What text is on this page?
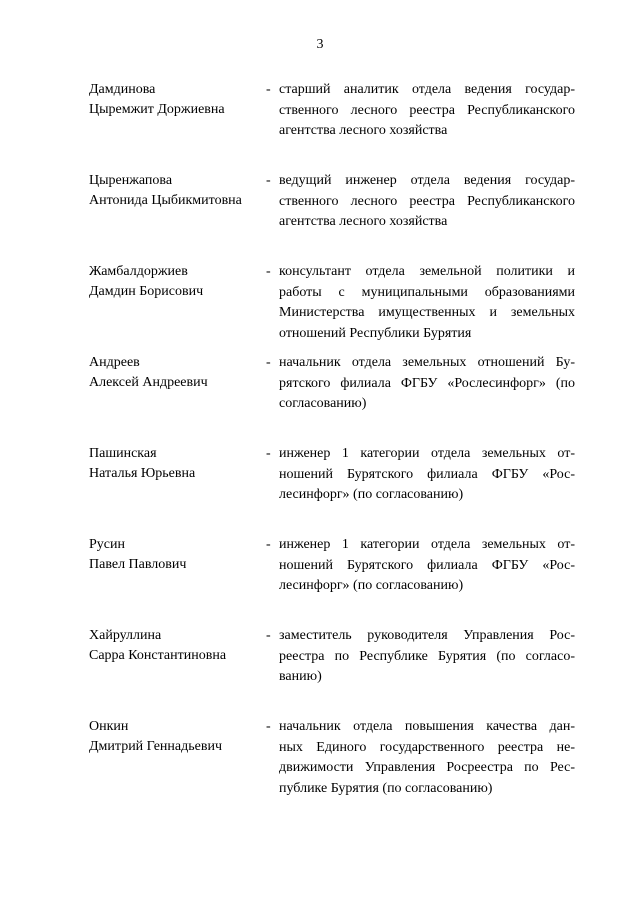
3
Дамдинова
Цыремжит Доржиевна
- старший аналитик отдела ведения государ-
ственного лесного реестра Республиканского
агентства лесного хозяйства
Цыренжапова
Антонида Цыбикмитовна
- ведущий инженер отдела ведения государ-
ственного лесного реестра Республиканского
агентства лесного хозяйства
Жамбалдоржиев
Дамдин Борисович
- консультант отдела земельной политики и
работы с муниципальными образованиями
Министерства имущественных и земельных
отношений Республики Бурятия
Андреев
Алексей Андреевич
- начальник отдела земельных отношений Бу-
рятского филиала ФГБУ «Рослесинфорг» (по
согласованию)
Пашинская
Наталья Юрьевна
- инженер 1 категории отдела земельных от-
ношений Бурятского филиала ФГБУ «Рос-
лесинфорг» (по согласованию)
Русин
Павел Павлович
- инженер 1 категории отдела земельных от-
ношений Бурятского филиала ФГБУ «Рос-
лесинфорг» (по согласованию)
Хайруллина
Сарра Константиновна
- заместитель руководителя Управления Рос-
реестра по Республике Бурятия (по согласо-
ванию)
Онкин
Дмитрий Геннадьевич
- начальник отдела повышения качества дан-
ных Единого государственного реестра не-
движимости Управления Росреестра по Рес-
публике Бурятия (по согласованию)
